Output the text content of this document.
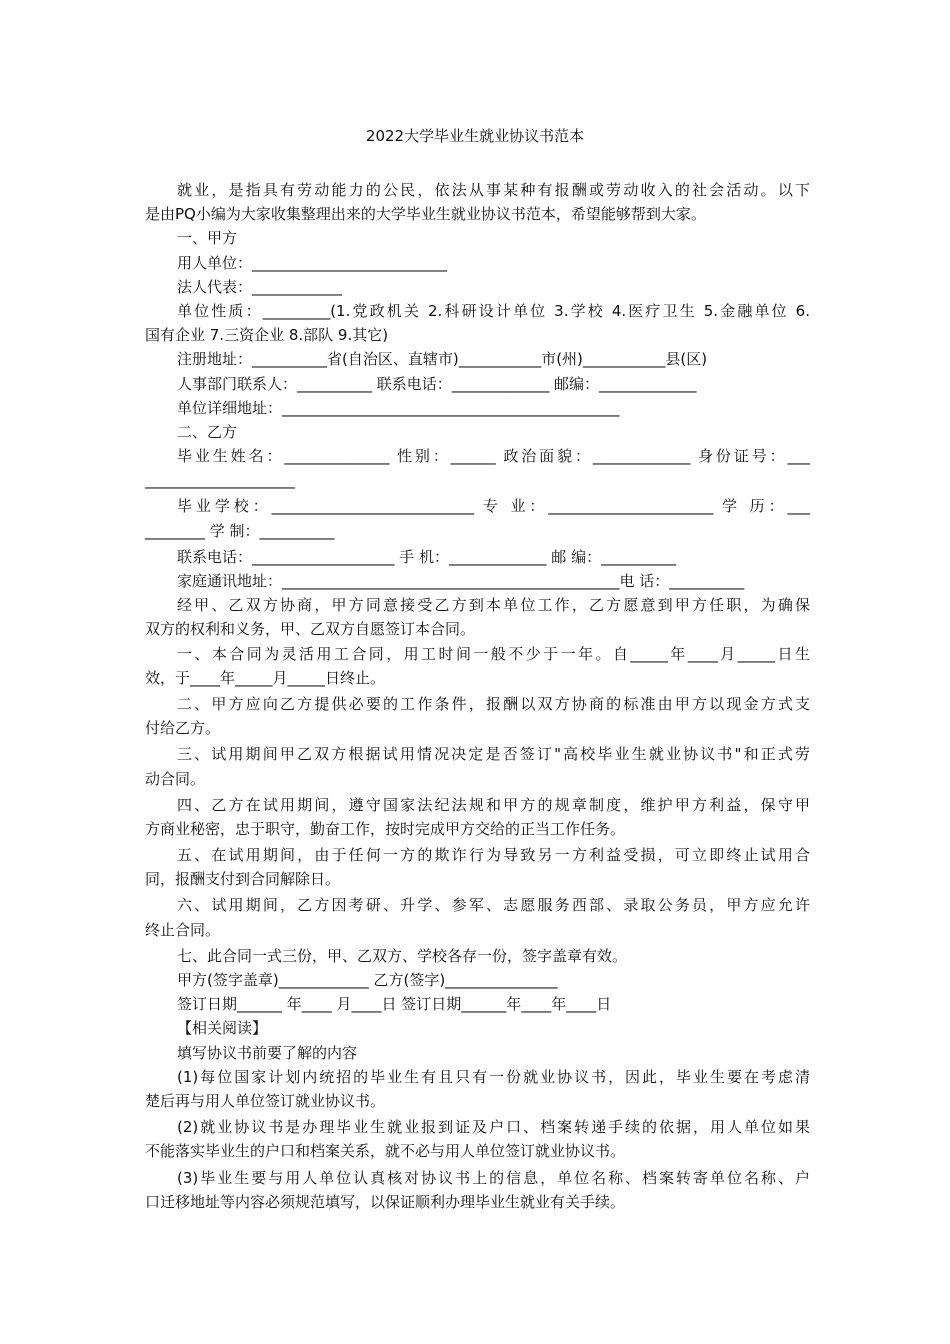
2022大学毕业生就业协议书范本
就业，是指具有劳动能力的公民，依法从事某种有报酬或劳动收入的社会活动。以下
是由PQ小编为大家收集整理出来的大学毕业生就业协议书范本，希望能够帮到大家。
一、甲方
用人单位：__________________________
法人代表：____________
单位性质：_________(1.党政机关 2.科研设计单位 3.学校 4.医疗卫生 5.金融单位 6.
国有企业 7.三资企业 8.部队 9.其它)
注册地址：__________省(自治区、直辖市)___________市(州)___________县(区)
人事部门联系人：__________ 联系电话：_____________ 邮编：_____________
单位详细地址：_____________________________________________
二、乙方
毕业生姓名：______________ 性别：______ 政治面貌：_____________ 身份证号：___
____________________
毕业学校：___________________________ 专 业：______________________ 学 历：___
________ 学 制：__________
联系电话：___________________ 手 机：_____________ 邮 编：__________
家庭通讯地址：_____________________________________________电 话：__________
经甲、乙双方协商，甲方同意接受乙方到本单位工作，乙方愿意到甲方任职，为确保
双方的权利和义务，甲、乙双方自愿签订本合同。
一、本合同为灵活用工合同，用工时间一般不少于一年。自_____年____月_____日生
效，于____年_____月_____日终止。
二、甲方应向乙方提供必要的工作条件，报酬以双方协商的标准由甲方以现金方式支
付给乙方。
三、试用期间甲乙双方根据试用情况决定是否签订"高校毕业生就业协议书"和正式劳
动合同。
四、乙方在试用期间，遵守国家法纪法规和甲方的规章制度，维护甲方利益，保守甲
方商业秘密，忠于职守，勤奋工作，按时完成甲方交给的正当工作任务。
五、在试用期间，由于任何一方的欺诈行为导致另一方利益受损，可立即终止试用合
同，报酬支付到合同解除日。
六、试用期间，乙方因考研、升学、参军、志愿服务西部、录取公务员，甲方应允许
终止合同。
七、此合同一式三份，甲、乙双方、学校各存一份，签字盖章有效。
甲方(签字盖章)____________ 乙方(签字)_______________
签订日期______ 年____ 月____日 签订日期______年____年____日
【相关阅读】
填写协议书前要了解的内容
(1)每位国家计划内统招的毕业生有且只有一份就业协议书，因此，毕业生要在考虑清
楚后再与用人单位签订就业协议书。
(2)就业协议书是办理毕业生就业报到证及户口、档案转递手续的依据，用人单位如果
不能落实毕业生的户口和档案关系，就不必与用人单位签订就业协议书。
(3)毕业生要与用人单位认真核对协议书上的信息，单位名称、档案转寄单位名称、户
口迁移地址等内容必须规范填写，以保证顺利办理毕业生就业有关手续。
